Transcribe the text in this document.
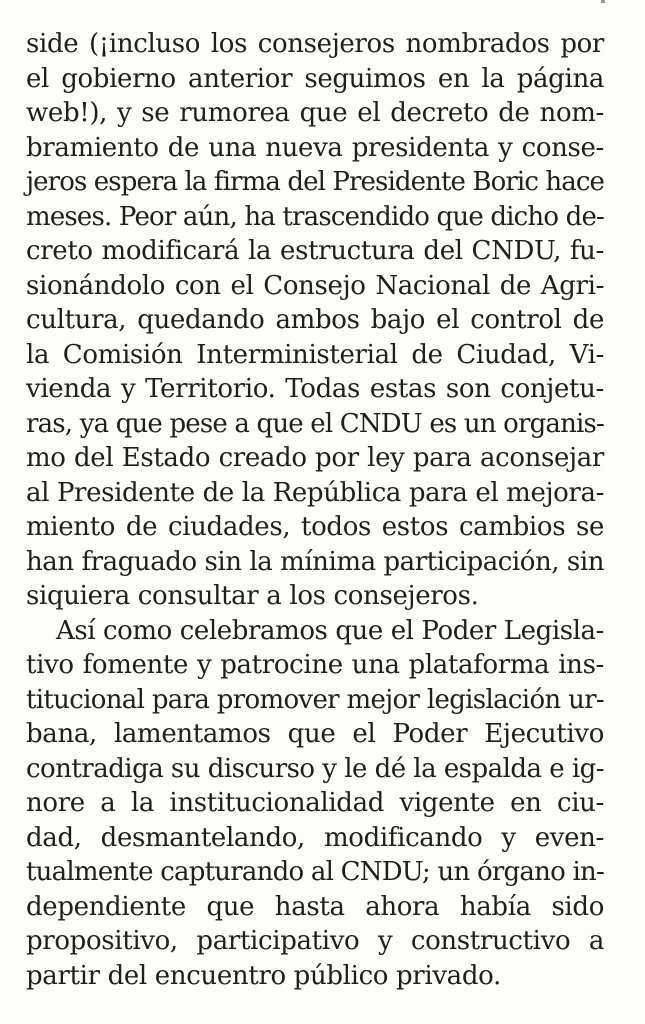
side (¡incluso los consejeros nombrados por
el gobierno anterior seguimos en la página
web!), y se rumorea que el decreto de nom-
bramiento de una nueva presidenta y conse-
jeros espera la firma del Presidente Boric hace
meses. Peor aún, ha trascendido que dicho de-
creto modificará la estructura del CNDU, fu-
sionándolo con el Consejo Nacional de Agri-
cultura, quedando ambos bajo el control de
la Comisión Interministerial de Ciudad, Vi-
vienda y Territorio. Todas estas son conjetu-
ras, ya que pese a que el CNDU es un organis-
mo del Estado creado por ley para aconsejar
al Presidente de la República para el mejora-
miento de ciudades, todos estos cambios se
han fraguado sin la mínima participación, sin
siquiera consultar a los consejeros.
Así como celebramos que el Poder Legisla-
tivo fomente y patrocine una plataforma ins-
titucional para promover mejor legislación ur-
bana, lamentamos que el Poder Ejecutivo
contradiga su discurso y le dé la espalda e ig-
nore a la institucionalidad vigente en ciu-
dad, desmantelando, modificando y even-
tualmente capturando al CNDU; un órgano in-
dependiente que hasta ahora había sido
propositivo, participativo y constructivo a
partir del encuentro público privado.
